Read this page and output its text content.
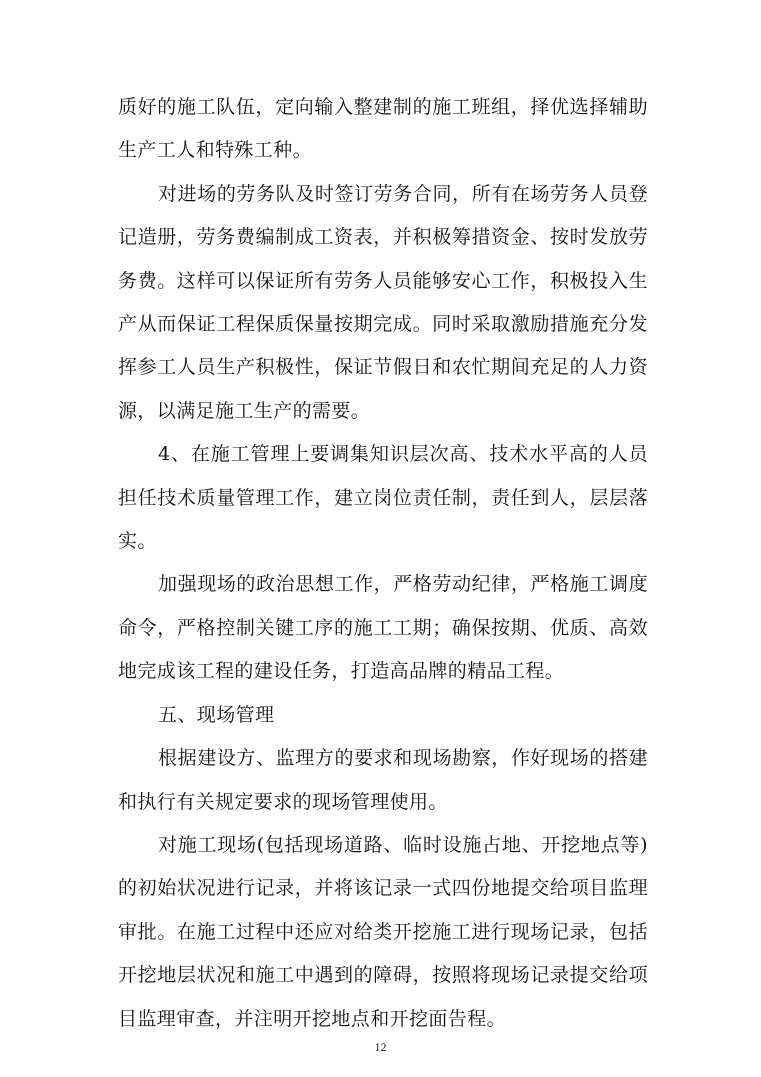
质好的施工队伍，定向输入整建制的施工班组，择优选择辅助生产工人和特殊工种。

对进场的劳务队及时签订劳务合同，所有在场劳务人员登记造册，劳务费编制成工资表，并积极筹措资金、按时发放劳务费。这样可以保证所有劳务人员能够安心工作，积极投入生产从而保证工程保质保量按期完成。同时采取激励措施充分发挥参工人员生产积极性，保证节假日和农忙期间充足的人力资源，以满足施工生产的需要。

4、在施工管理上要调集知识层次高、技术水平高的人员担任技术质量管理工作，建立岗位责任制，责任到人，层层落实。

加强现场的政治思想工作，严格劳动纪律，严格施工调度命令，严格控制关键工序的施工工期；确保按期、优质、高效地完成该工程的建设任务，打造高品牌的精品工程。

五、现场管理

根据建设方、监理方的要求和现场勘察，作好现场的搭建和执行有关规定要求的现场管理使用。

对施工现场(包括现场道路、临时设施占地、开挖地点等)的初始状况进行记录，并将该记录一式四份地提交给项目监理审批。在施工过程中还应对给类开挖施工进行现场记录，包括开挖地层状况和施工中遇到的障碍，按照将现场记录提交给项目监理审查，并注明开挖地点和开挖面告程。

12
